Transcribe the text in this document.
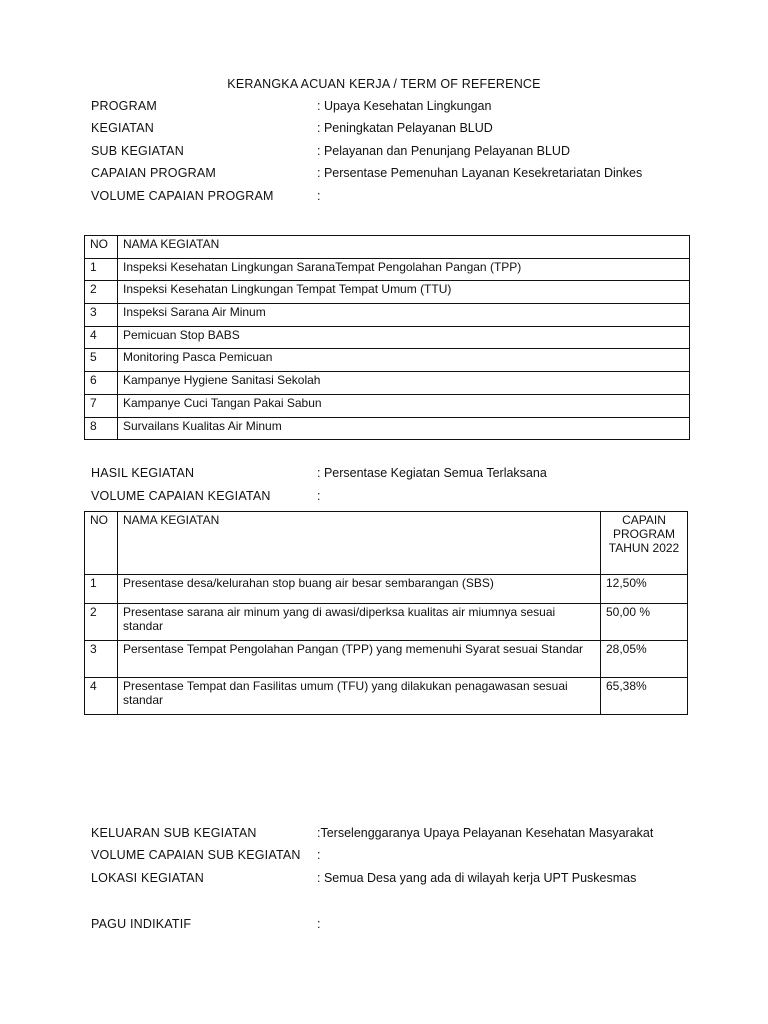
KERANGKA ACUAN KERJA / TERM OF REFERENCE
PROGRAM	: Upaya Kesehatan Lingkungan
KEGIATAN	: Peningkatan Pelayanan BLUD
SUB KEGIATAN	: Pelayanan dan Penunjang Pelayanan BLUD
CAPAIAN PROGRAM	: Persentase Pemenuhan Layanan Kesekretariatan Dinkes
VOLUME CAPAIAN PROGRAM	:
NO	NAMA KEGIATAN
1	Inspeksi Kesehatan Lingkungan SaranaTempat Pengolahan Pangan (TPP)
2	Inspeksi Kesehatan Lingkungan Tempat Tempat Umum (TTU)
3	Inspeksi Sarana Air Minum
4	Pemicuan Stop BABS
5	Monitoring Pasca Pemicuan
6	Kampanye Hygiene Sanitasi Sekolah
7	Kampanye Cuci Tangan Pakai Sabun
8	Survailans Kualitas Air Minum
HASIL KEGIATAN	: Persentase Kegiatan Semua Terlaksana
VOLUME CAPAIAN KEGIATAN	:
NO	NAMA KEGIATAN	CAPAIN PROGRAM TAHUN 2022
1	Presentase desa/kelurahan stop buang air besar sembarangan (SBS)	12,50%
2	Presentase sarana air minum yang di awasi/diperksa kualitas air miumnya sesuai standar	50,00 %
3	Persentase Tempat Pengolahan Pangan (TPP) yang memenuhi Syarat sesuai Standar	28,05%
4	Presentase Tempat dan Fasilitas umum (TFU) yang dilakukan penagawasan sesuai standar	65,38%
KELUARAN SUB KEGIATAN	:Terselenggaranya Upaya Pelayanan Kesehatan Masyarakat
VOLUME CAPAIAN SUB KEGIATAN :
LOKASI KEGIATAN	: Semua Desa yang ada di wilayah kerja UPT Puskesmas
PAGU INDIKATIF	:
